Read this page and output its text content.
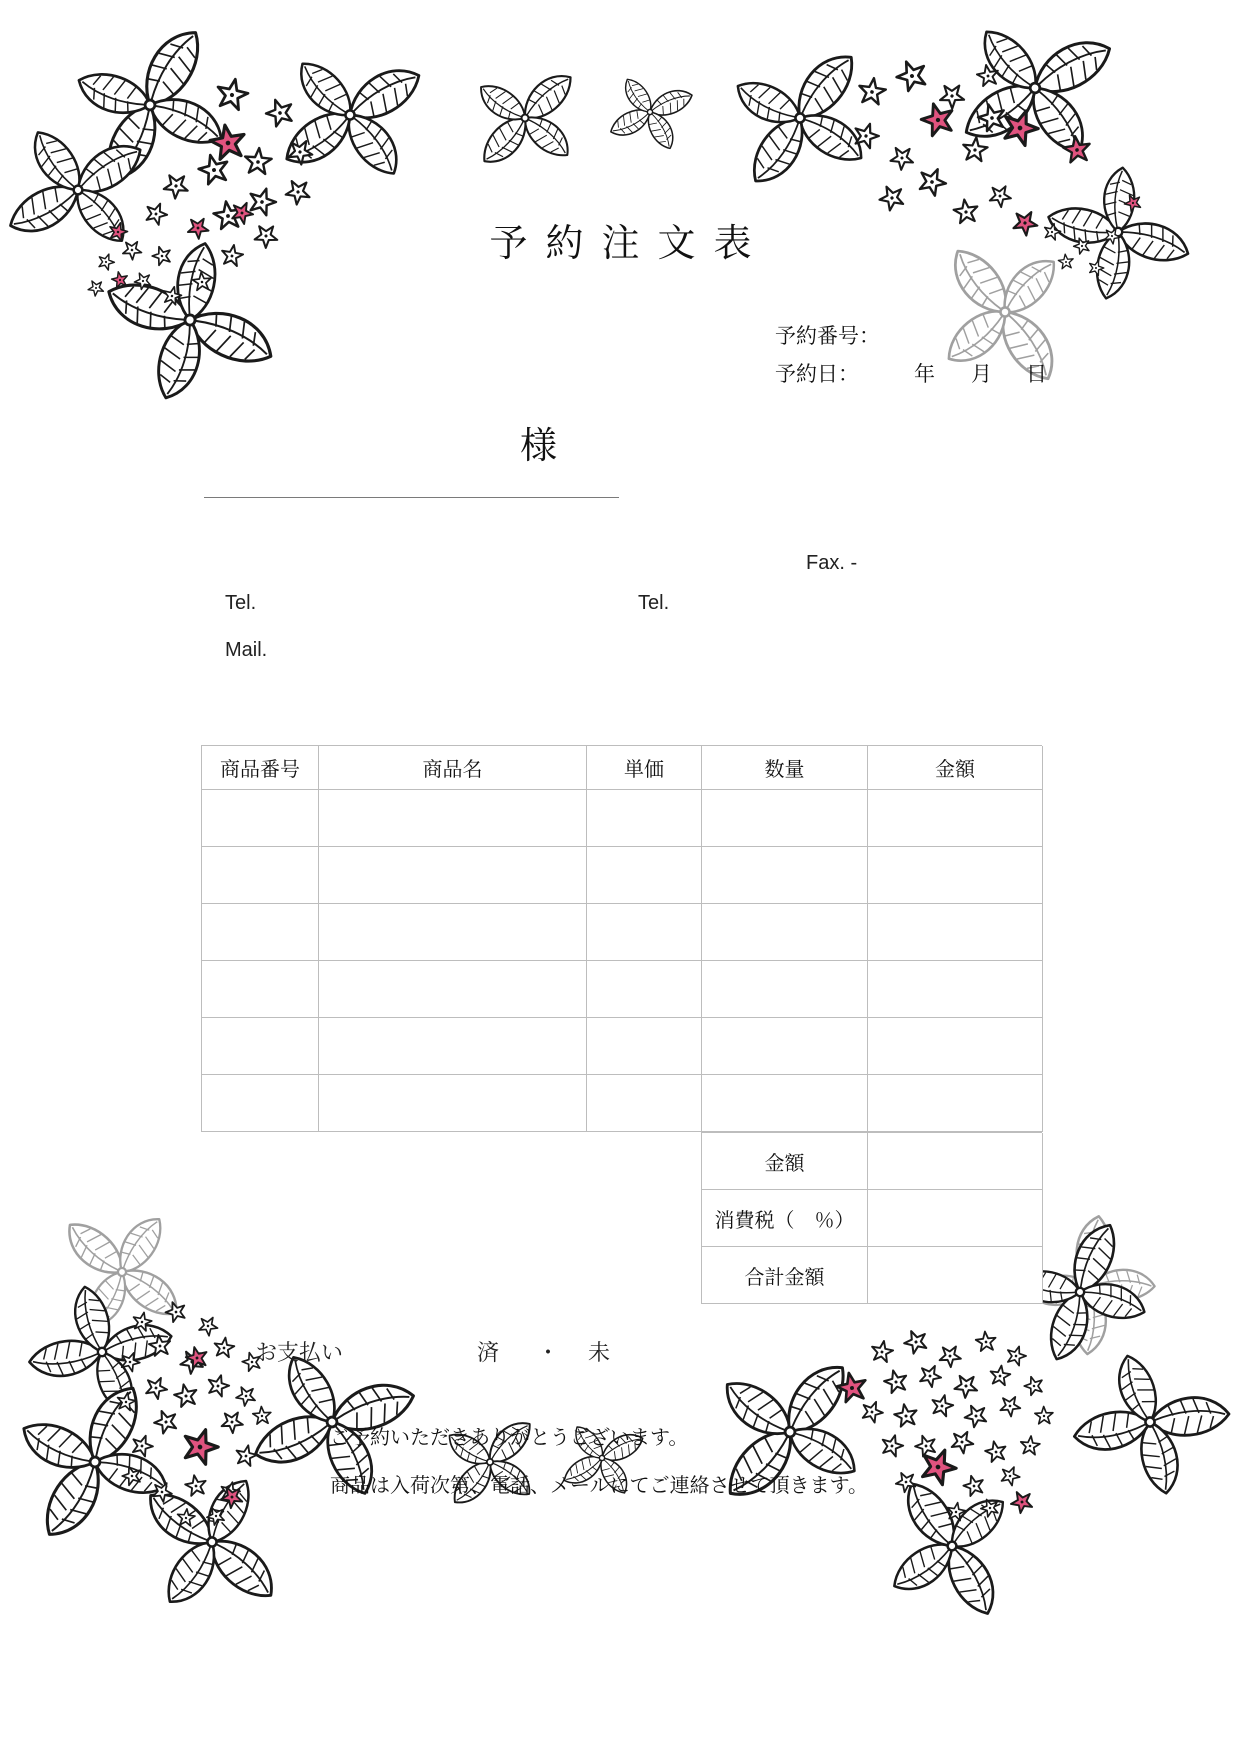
予約注文表
予約番号：
予約日：	年 月 日
様
Fax. -
Tel.	Tel.
Mail.
商品番号	商品名	単価	数量	金額
金額
消費税（　％）
合計金額
お支払い	済 ・ 未
ご予約いただきありがとうございます。
商品は入荷次第、電話、メールにてご連絡させて頂きます。
